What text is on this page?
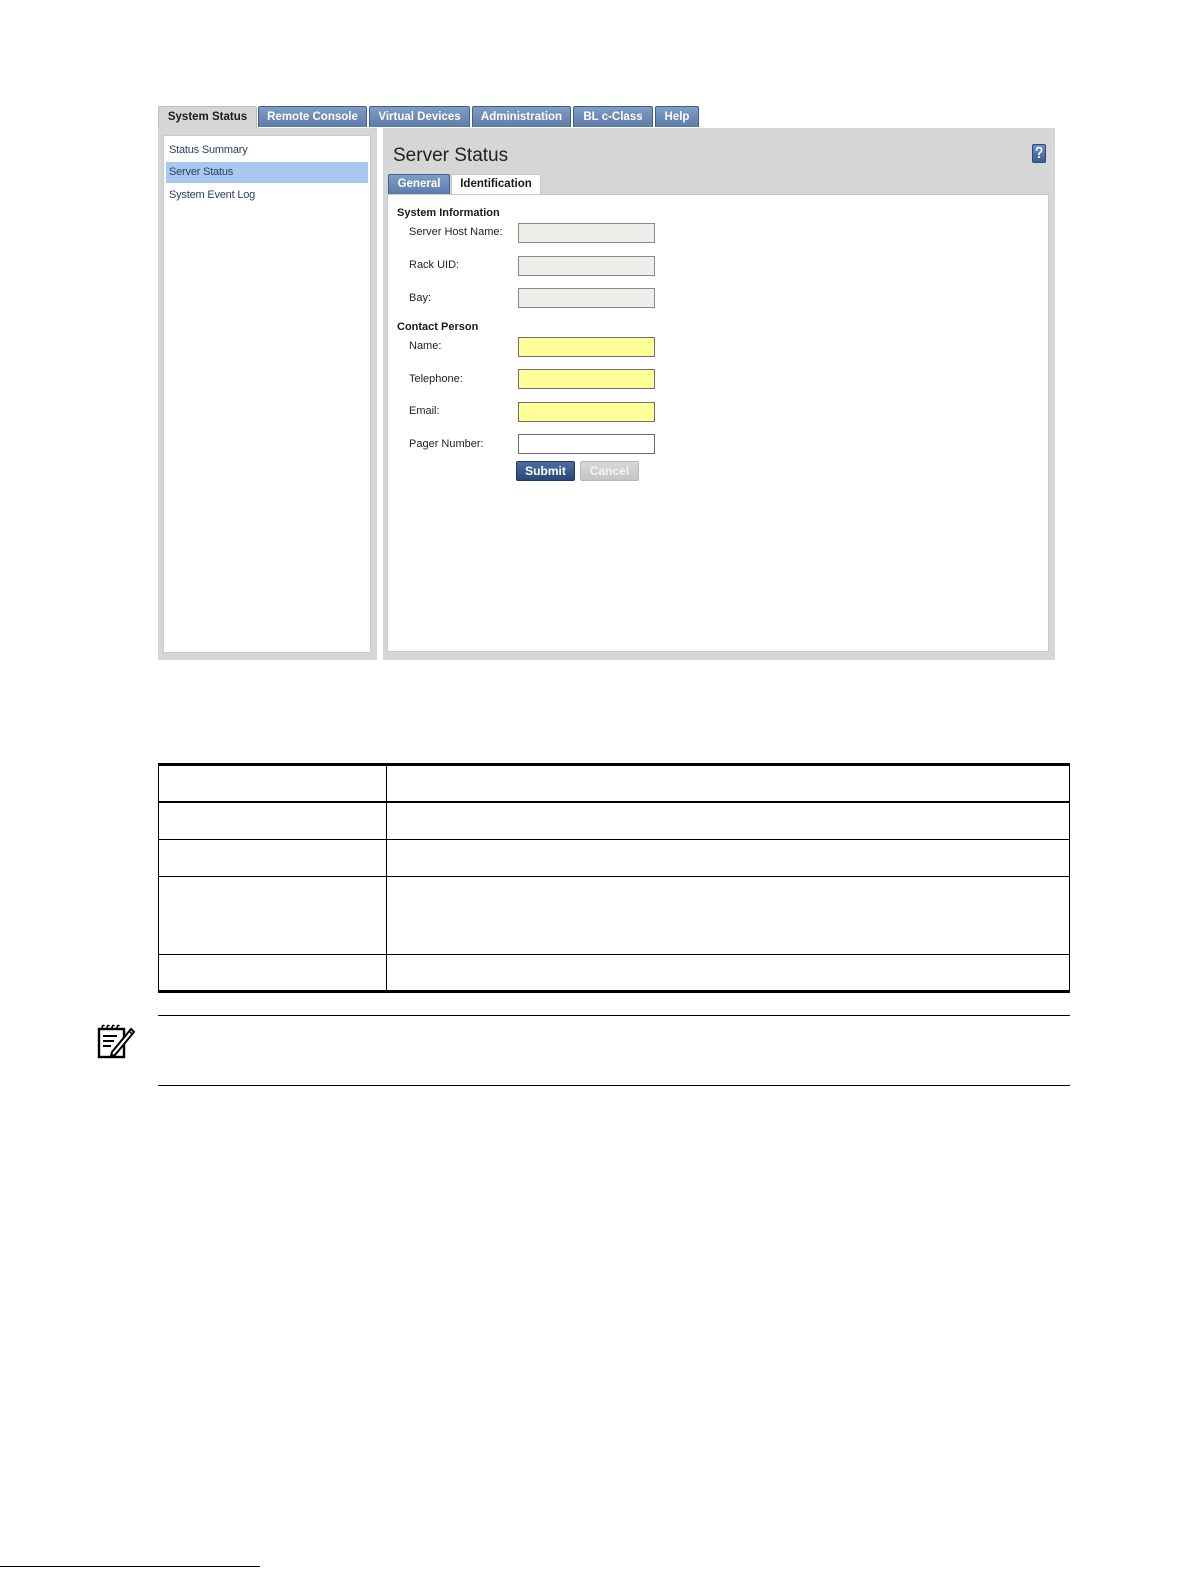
System Status	Remote Console	Virtual Devices	Administration	BL c-Class	Help
Status Summary
Server Status
System Event Log
Server Status
General	Identification
System Information
Server Host Name:
Rack UID:
Bay:
Contact Person
Name:
Telephone:
Email:
Pager Number:
Submit	Cancel
